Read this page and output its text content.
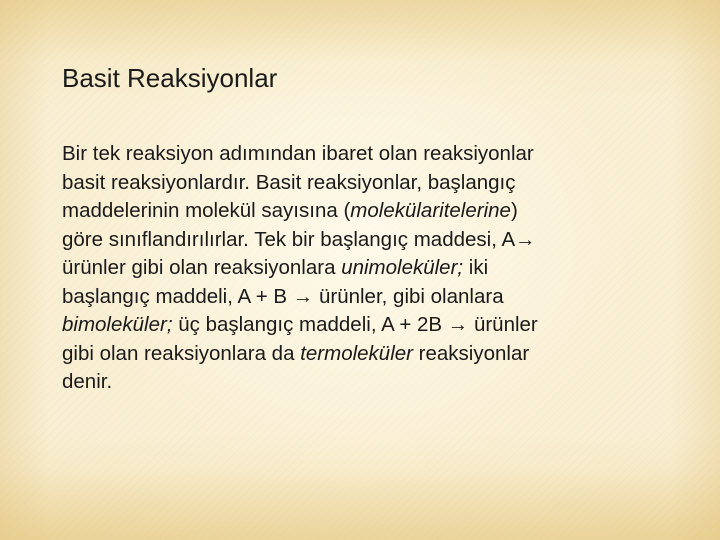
Basit Reaksiyonlar
Bir tek reaksiyon adımından ibaret olan reaksiyonlar
basit reaksiyonlardır. Basit reaksiyonlar, başlangıç
maddelerinin molekül sayısına (molekülaritelerine)
göre sınıflandırılırlar. Tek bir başlangıç maddesi, A→
ürünler gibi olan reaksiyonlara unimoleküler; iki
başlangıç maddeli, A + B → ürünler, gibi olanlara
bimoleküler; üç başlangıç maddeli, A + 2B → ürünler
gibi olan reaksiyonlara da termoleküler reaksiyonlar
denir.
